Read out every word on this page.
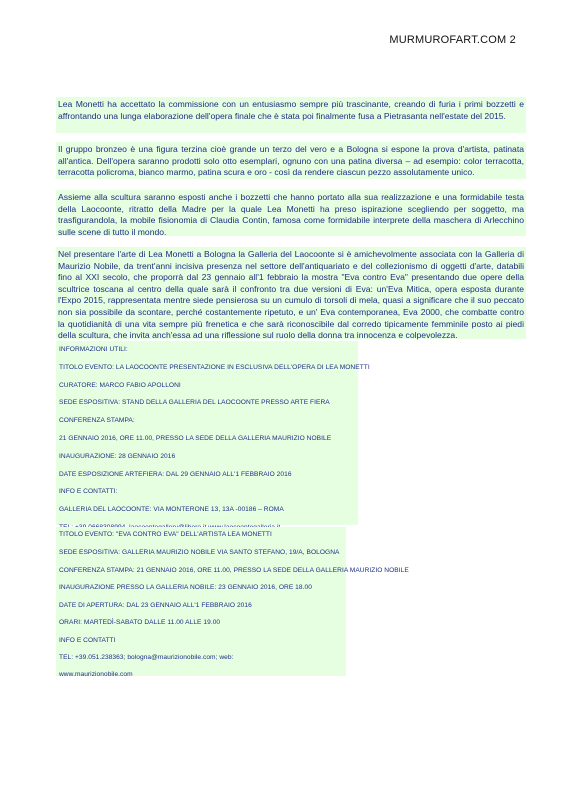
MURMUROFART.COM 2
Lea Monetti ha accettato la commissione con un entusiasmo sempre più trascinante, creando di furia i primi bozzetti e affrontando una lunga elaborazione dell'opera finale che è stata poi finalmente fusa a Pietrasanta nell'estate del 2015.
Il gruppo bronzeo è una figura terzina cioè grande un terzo del vero e a Bologna si espone la prova d'artista, patinata all'antica. Dell'opera saranno prodotti solo otto esemplari, ognuno con una patina diversa – ad esempio: color terracotta, terracotta policroma, bianco marmo, patina scura e oro - così da rendere ciascun pezzo assolutamente unico.
Assieme alla scultura saranno esposti anche i bozzetti che hanno portato alla sua realizzazione e una formidabile testa della Laocoonte, ritratto della Madre per la quale Lea Monetti ha preso ispirazione scegliendo per soggetto, ma trasfigurandola, la mobile fisionomia di Claudia Contin, famosa come formidabile interprete della maschera di Arlecchino sulle scene di tutto il mondo.
Nel presentare l'arte di Lea Monetti a Bologna la Galleria del Laocoonte si è amichevolmente associata con la Galleria di Maurizio Nobile, da trent'anni incisiva presenza nel settore dell'antiquariato e del collezionismo di oggetti d'arte, databili fino al XXI secolo, che proporrà dal 23 gennaio all'1 febbraio la mostra "Eva contro Eva" presentando due opere della scultrice toscana al centro della quale sarà il confronto tra due versioni di Eva: un'Eva Mitica, opera esposta durante l'Expo 2015, rappresentata mentre siede pensierosa su un cumulo di torsoli di mela, quasi a significare che il suo peccato non sia possibile da scontare, perché costantemente ripetuto, e un' Eva contemporanea, Eva 2000, che combatte contro la quotidianità di una vita sempre più frenetica e che sarà riconoscibile dal corredo tipicamente femminile posto ai piedi della scultura, che invita anch'essa ad una riflessione sul ruolo della donna tra innocenza e colpevolezza.
INFORMAZIONI UTILI:
TITOLO EVENTO: LA LAOCOONTE PRESENTAZIONE IN ESCLUSIVA DELL'OPERA DI LEA MONETTI
CURATORE: MARCO FABIO APOLLONI
SEDE ESPOSITIVA: STAND DELLA GALLERIA DEL LAOCOONTE PRESSO ARTE FIERA
CONFERENZA STAMPA:
21 GENNAIO 2016, ORE 11.00, PRESSO LA SEDE DELLA GALLERIA MAURIZIO NOBILE
INAUGURAZIONE: 28 GENNAIO 2016
DATE ESPOSIZIONE ARTEFIERA: DAL 29 GENNAIO ALL'1 FEBBRAIO 2016
INFO E CONTATTI:
GALLERIA DEL LAOCOONTE: VIA MONTERONE 13, 13A -00186 – ROMA
TITOLO EVENTO: "EVA CONTRO EVA" DELL'ARTISTA LEA MONETTI
SEDE ESPOSITIVA: GALLERIA MAURIZIO NOBILE VIA SANTO STEFANO, 19/A, BOLOGNA
CONFERENZA STAMPA: 21 GENNAIO 2016, ORE 11.00, PRESSO LA SEDE DELLA GALLERIA MAURIZIO NOBILE
INAUGURAZIONE PRESSO LA GALLERIA NOBILE: 23 GENNAIO 2016, ORE 18.00
DATE DI APERTURA: DAL 23 GENNAIO ALL'1 FEBBRAIO 2016
ORARI: MARTEDÌ-SABATO DALLE 11.00 ALLE 19.00
INFO E CONTATTI
TEL: +39.051.238363; bologna@maurizionobile.com; web:
www.maurizionobile.com
